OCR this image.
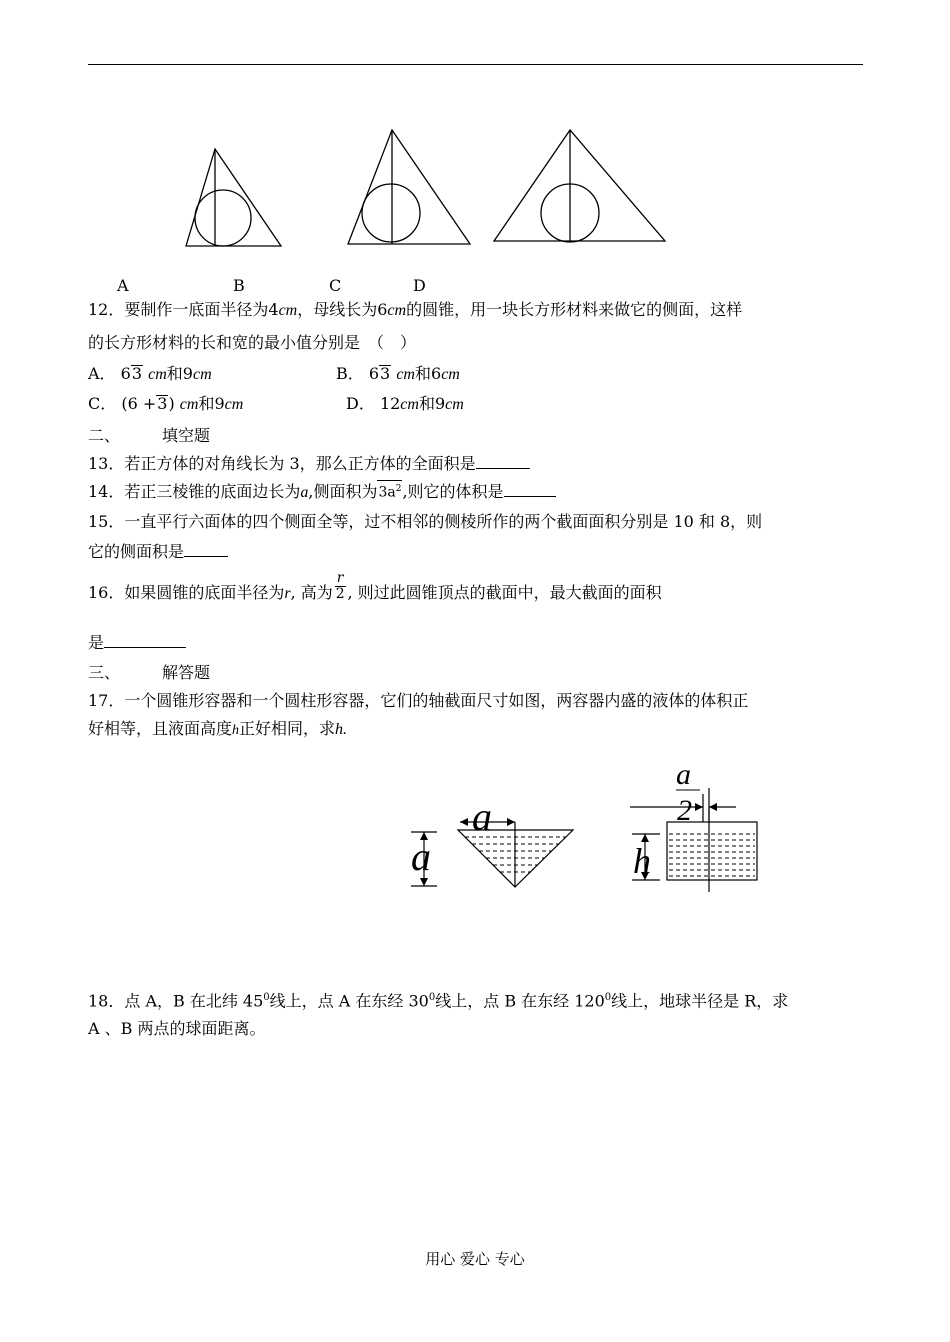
A	B	C	D
12．要制作一底面半径为4cm，母线长为6cm的圆锥，用一块长方形材料来做它的侧面，这样
的长方形材料的长和宽的最小值分别是　（　）
A． 63 cm和9cm	B． 63 cm和6cm
C． (6 +3) cm和9cm	D． 12cm和9cm
二、	填空题
13．若正方体的对角线长为 3，那么正方体的全面积是
14．若正三棱锥的底面边长为a,侧面积为$3a^2$,则它的体积是
15．一直平行六面体的四个侧面全等，过不相邻的侧棱所作的两个截面面积分别是 10 和 8，则
它的侧面积是
16．如果圆锥的底面半径为r, 高为 $\frac{r}{2}$ , 则过此圆锥顶点的截面中，最大截面的面积
是
三、	解答题
17．一个圆锥形容器和一个圆柱形容器，它们的轴截面尺寸如图，两容器内盛的液体的体积正
好相等，且液面高度h正好相同，求h.
a
a
a
2
h
18．点 A，B 在北纬 $45^0$线上，点 A 在东经 $30^0$线上，点 B 在东经 $120^0$线上，地球半径是 R，求
A 、B 两点的球面距离。
用心 爱心 专心
